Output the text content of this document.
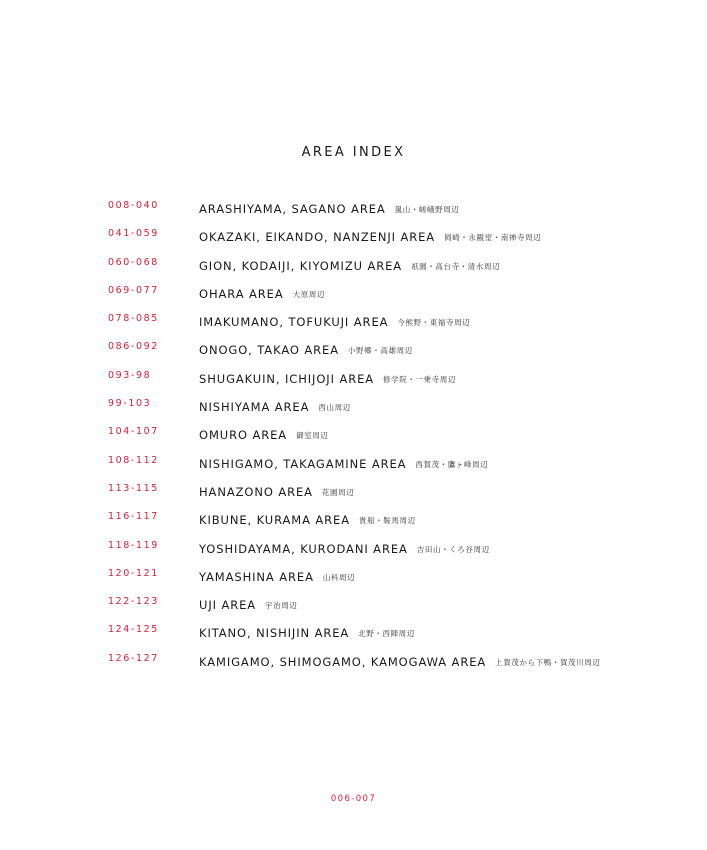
AREA INDEX
008-040	ARASHIYAMA, SAGANO AREA 嵐山・嵯峨野周辺
041-059	OKAZAKI, EIKANDO, NANZENJI AREA 岡崎・永観堂・南禅寺周辺
060-068	GION, KODAIJI, KIYOMIZU AREA 祇園・高台寺・清水周辺
069-077	OHARA AREA 大原周辺
078-085	IMAKUMANO, TOFUKUJI AREA 今熊野・東福寺周辺
086-092	ONOGO, TAKAO AREA 小野郷・高雄周辺
093-98	SHUGAKUIN, ICHIJOJI AREA 修学院・一乗寺周辺
99-103	NISHIYAMA AREA 西山周辺
104-107	OMURO AREA 御室周辺
108-112	NISHIGAMO, TAKAGAMINE AREA 西賀茂・鷹ヶ峰周辺
113-115	HANAZONO AREA 花園周辺
116-117	KIBUNE, KURAMA AREA 貴船・鞍馬周辺
118-119	YOSHIDAYAMA, KURODANI AREA 吉田山・くろ谷周辺
120-121	YAMASHINA AREA 山科周辺
122-123	UJI AREA 宇治周辺
124-125	KITANO, NISHIJIN AREA 北野・西陣周辺
126-127	KAMIGAMO, SHIMOGAMO, KAMOGAWA AREA 上賀茂から下鴨・賀茂川周辺
006-007
